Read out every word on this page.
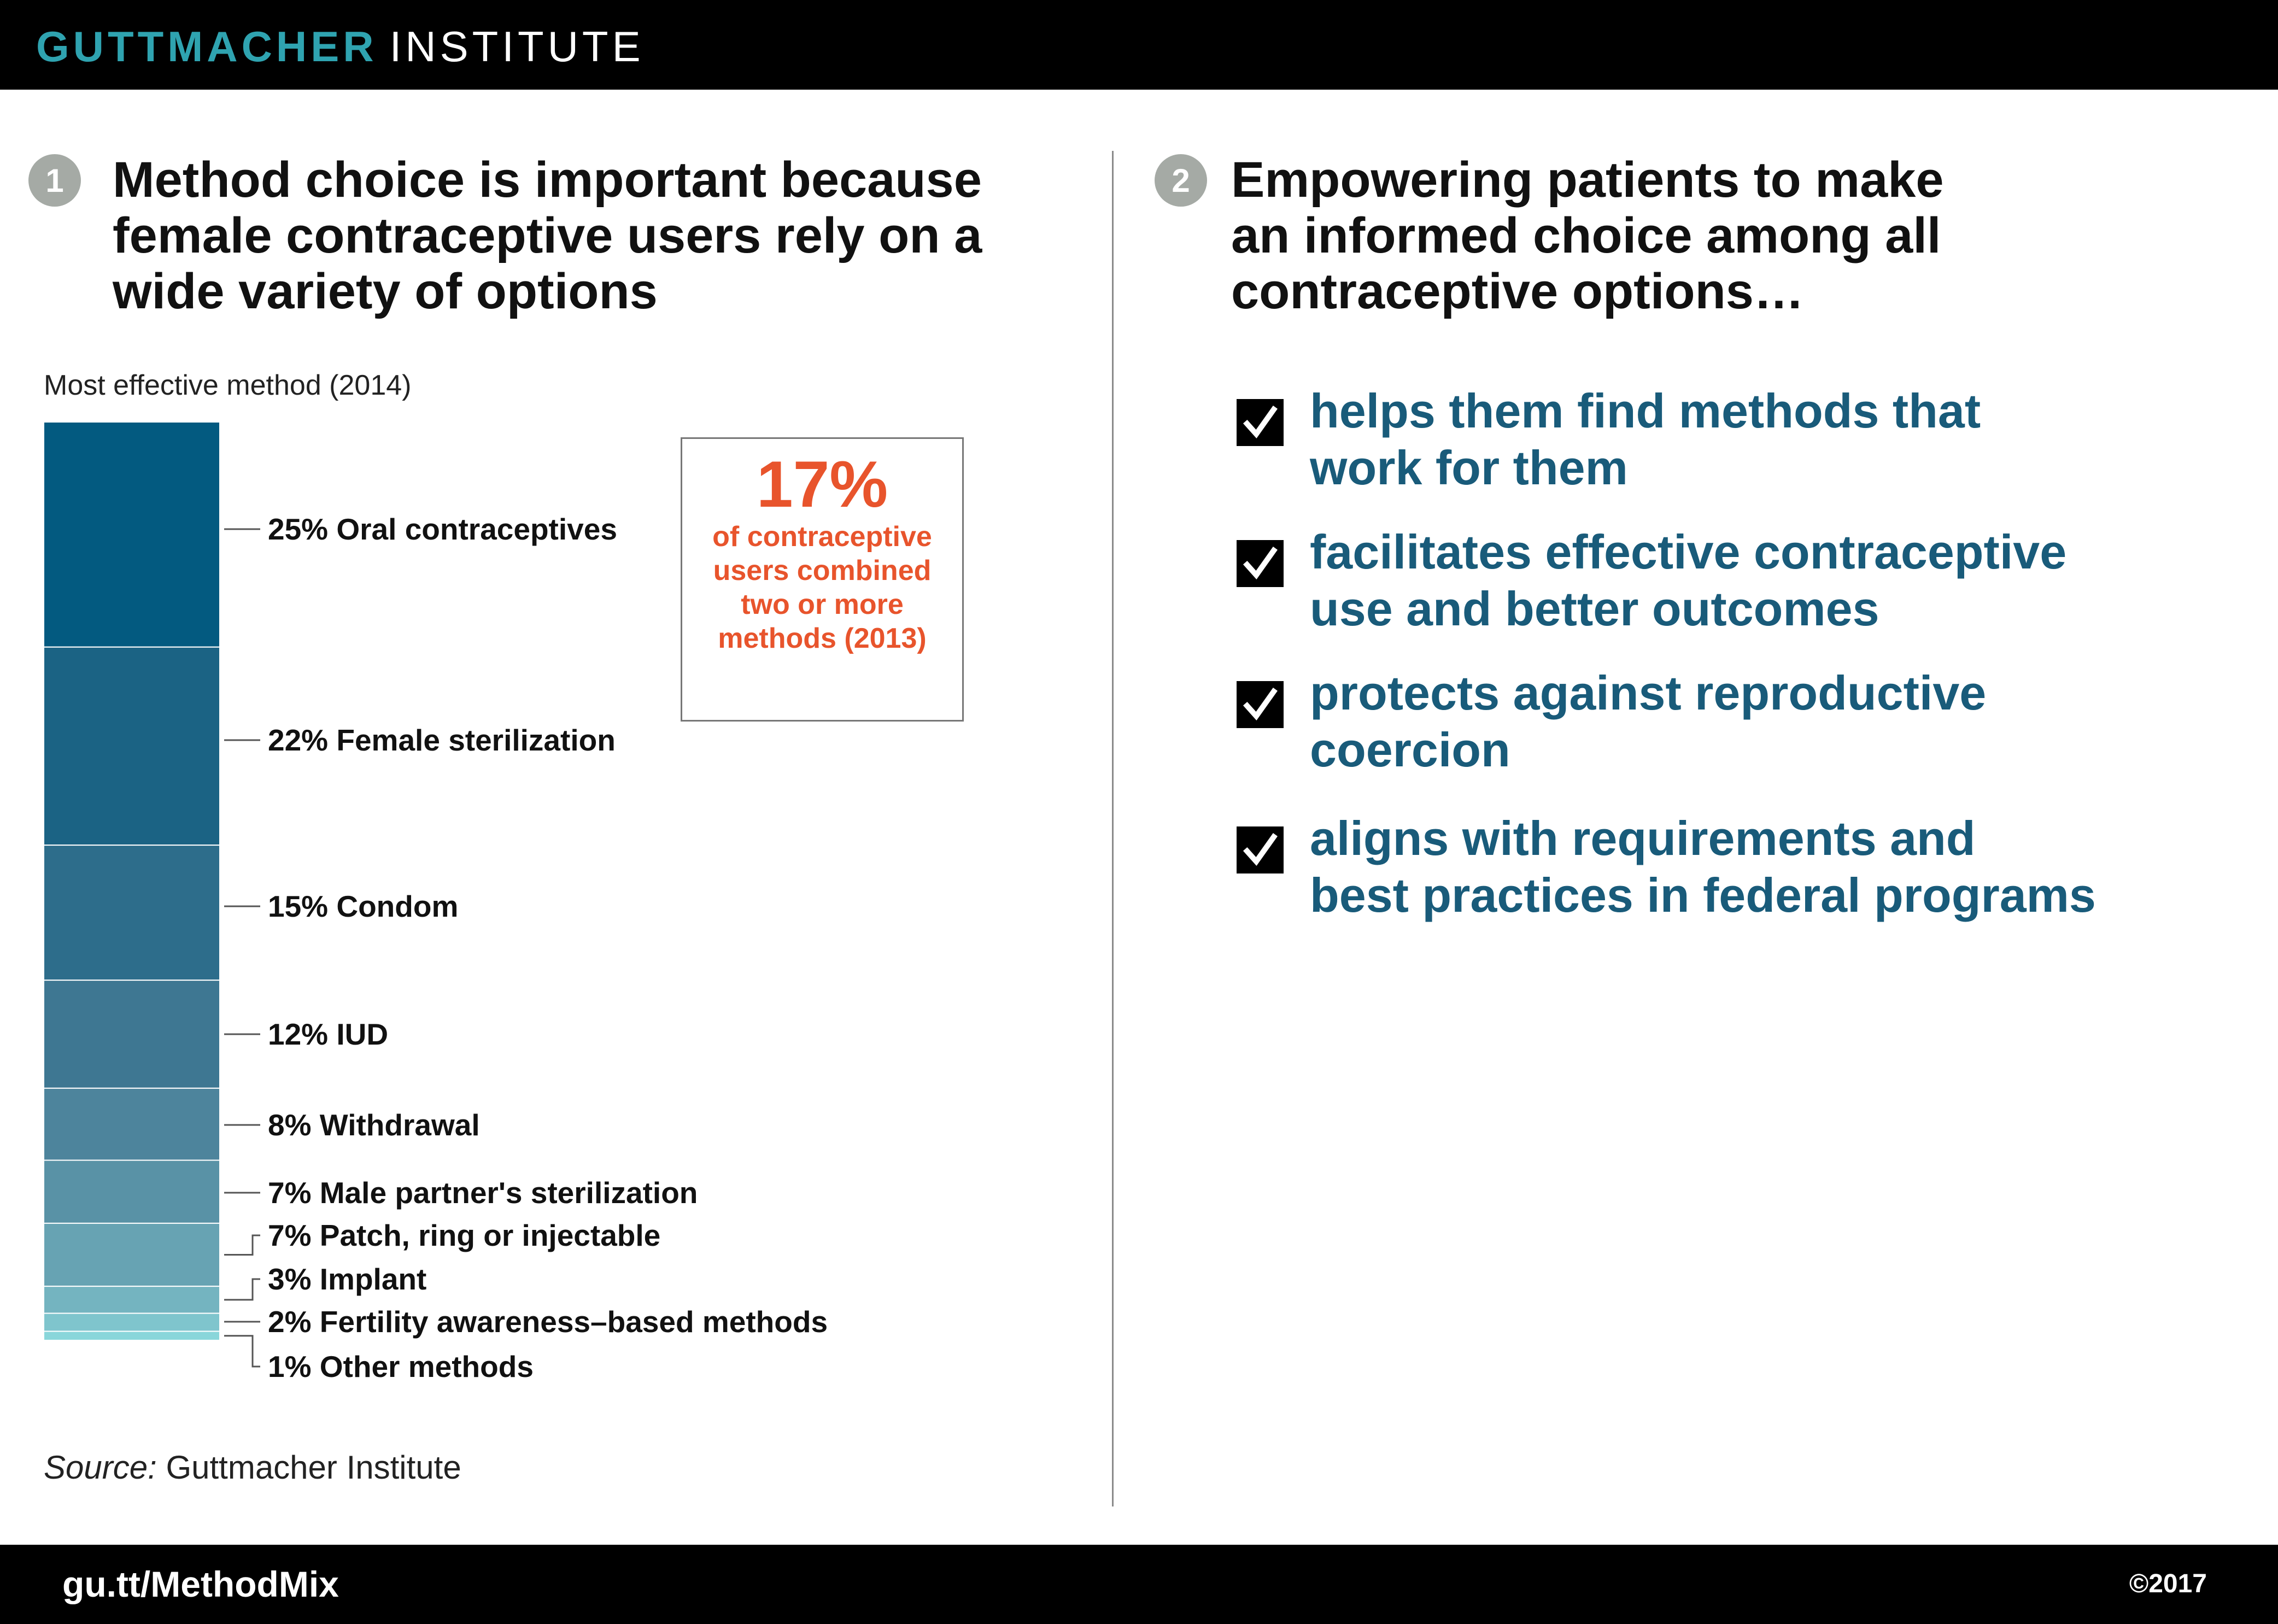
GUTTMACHER INSTITUTE
1 Method choice is important because
female contraceptive users rely on a
wide variety of options
2 Empowering patients to make
an informed choice among all
contraceptive options…
Most effective method (2014)
25% Oral contraceptives
22% Female sterilization
15% Condom
12% IUD
8% Withdrawal
7% Male partner's sterilization
7% Patch, ring or injectable
3% Implant
2% Fertility awareness–based methods
1% Other methods
17%
of contraceptive users combined two or more methods (2013)
Source: Guttmacher Institute
helps them find methods that
work for them
facilitates effective contraceptive
use and better outcomes
protects against reproductive
coercion
aligns with requirements and
best practices in federal programs
gu.tt/MethodMix	©2017
